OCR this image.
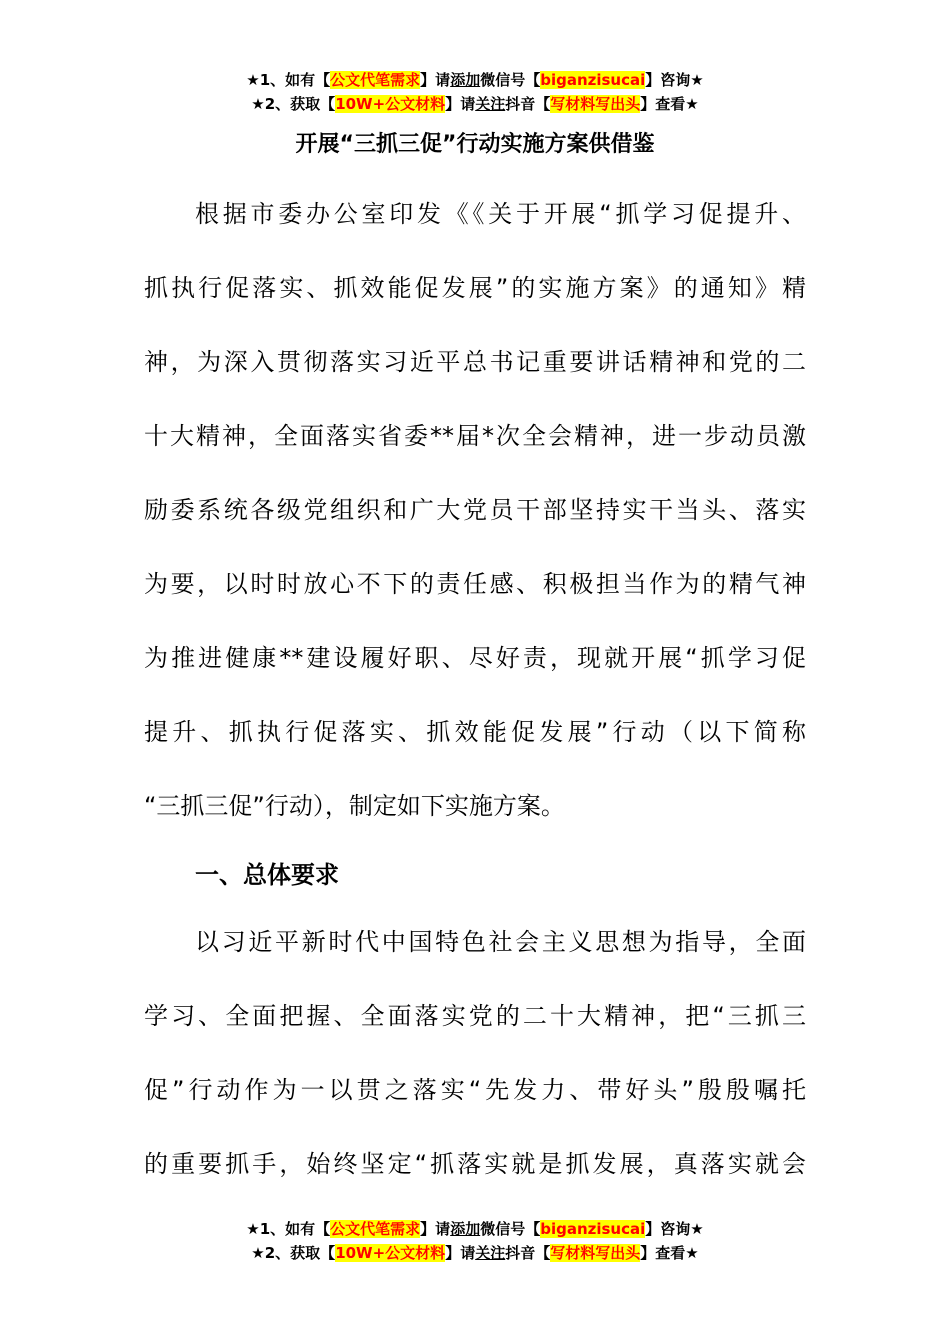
★1、如有【公文代笔需求】请添加微信号【biganzisucai】咨询★
★2、获取【10W+公文材料】请关注抖音【写材料写出头】查看★
开展“三抓三促”行动实施方案供借鉴
根据市委办公室印发《《关于开展“抓学习促提升、
抓执行促落实、抓效能促发展”的实施方案》的通知》精
神，为深入贯彻落实习近平总书记重要讲话精神和党的二
十大精神，全面落实省委**届*次全会精神，进一步动员激
励委系统各级党组织和广大党员干部坚持实干当头、落实
为要，以时时放心不下的责任感、积极担当作为的精气神
为推进健康**建设履好职、尽好责，现就开展“抓学习促
提升、抓执行促落实、抓效能促发展”行动（以下简称
“三抓三促”行动），制定如下实施方案。
一、总体要求
以习近平新时代中国特色社会主义思想为指导，全面
学习、全面把握、全面落实党的二十大精神，把“三抓三
促”行动作为一以贯之落实“先发力、带好头”殷殷嘱托
的重要抓手，始终坚定“抓落实就是抓发展，真落实就会
★1、如有【公文代笔需求】请添加微信号【biganzisucai】咨询★
★2、获取【10W+公文材料】请关注抖音【写材料写出头】查看★
